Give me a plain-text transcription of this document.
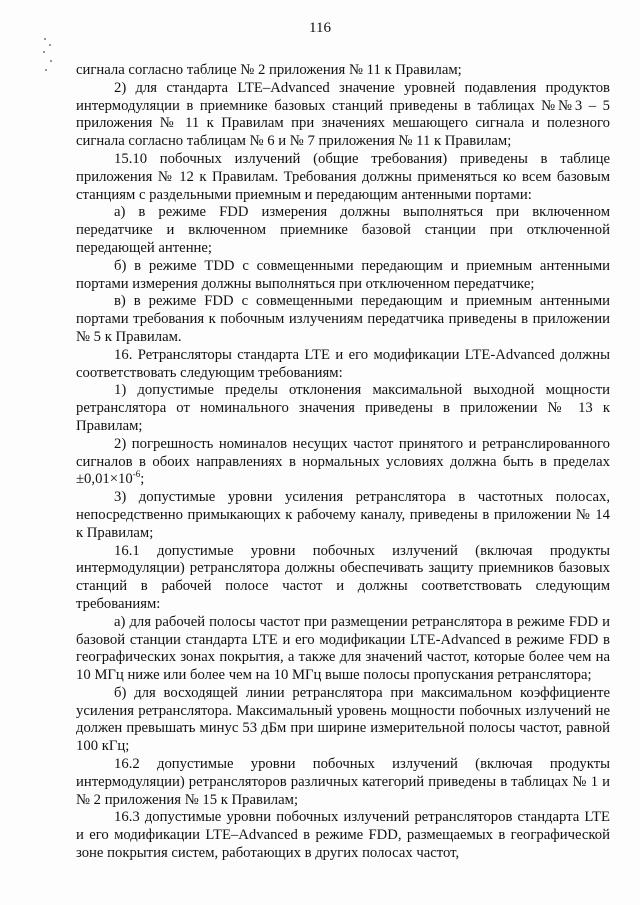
116

сигнала согласно таблице № 2 приложения № 11 к Правилам;

2) для стандарта LTE–Advanced значение уровней подавления продуктов интермодуляции в приемнике базовых станций приведены в таблицах №№3 – 5 приложения № 11 к Правилам при значениях мешающего сигнала и полезного сигнала согласно таблицам № 6 и № 7 приложения № 11 к Правилам;

15.10 побочных излучений (общие требования) приведены в таблице приложения № 12 к Правилам. Требования должны применяться ко всем базовым станциям с раздельными приемным и передающим антенными портами:

а) в режиме FDD измерения должны выполняться при включенном передатчике и включенном приемнике базовой станции при отключенной передающей антенне;

б) в режиме TDD с совмещенными передающим и приемным антенными портами измерения должны выполняться при отключенном передатчике;

в) в режиме FDD с совмещенными передающим и приемным антенными портами требования к побочным излучениям передатчика приведены в приложении № 5 к Правилам.

16. Ретрансляторы стандарта LTE и его модификации LTE-Advanced должны соответствовать следующим требованиям:

1) допустимые пределы отклонения максимальной выходной мощности ретранслятора от номинального значения приведены в приложении № 13 к Правилам;

2) погрешность номиналов несущих частот принятого и ретранслированного сигналов в обоих направлениях в нормальных условиях должна быть в пределах $\pm 0,01\times 10^{-6}$;

3) допустимые уровни усиления ретранслятора в частотных полосах, непосредственно примыкающих к рабочему каналу, приведены в приложении № 14 к Правилам;

16.1 допустимые уровни побочных излучений (включая продукты интермодуляции) ретранслятора должны обеспечивать защиту приемников базовых станций в рабочей полосе частот и должны соответствовать следующим требованиям:

а) для рабочей полосы частот при размещении ретранслятора в режиме FDD и базовой станции стандарта LTE и его модификации LTE-Advanced в режиме FDD в географических зонах покрытия, а также для значений частот, которые более чем на 10 МГц ниже или более чем на 10 МГц выше полосы пропускания ретранслятора;

б) для восходящей линии ретранслятора при максимальном коэффициенте усиления ретранслятора. Максимальный уровень мощности побочных излучений не должен превышать минус 53 дБм при ширине измерительной полосы частот, равной 100 кГц;

16.2 допустимые уровни побочных излучений (включая продукты интермодуляции) ретрансляторов различных категорий приведены в таблицах № 1 и № 2 приложения № 15 к Правилам;

16.3 допустимые уровни побочных излучений ретрансляторов стандарта LTE и его модификации LTE–Advanced в режиме FDD, размещаемых в географической зоне покрытия систем, работающих в других полосах частот,
